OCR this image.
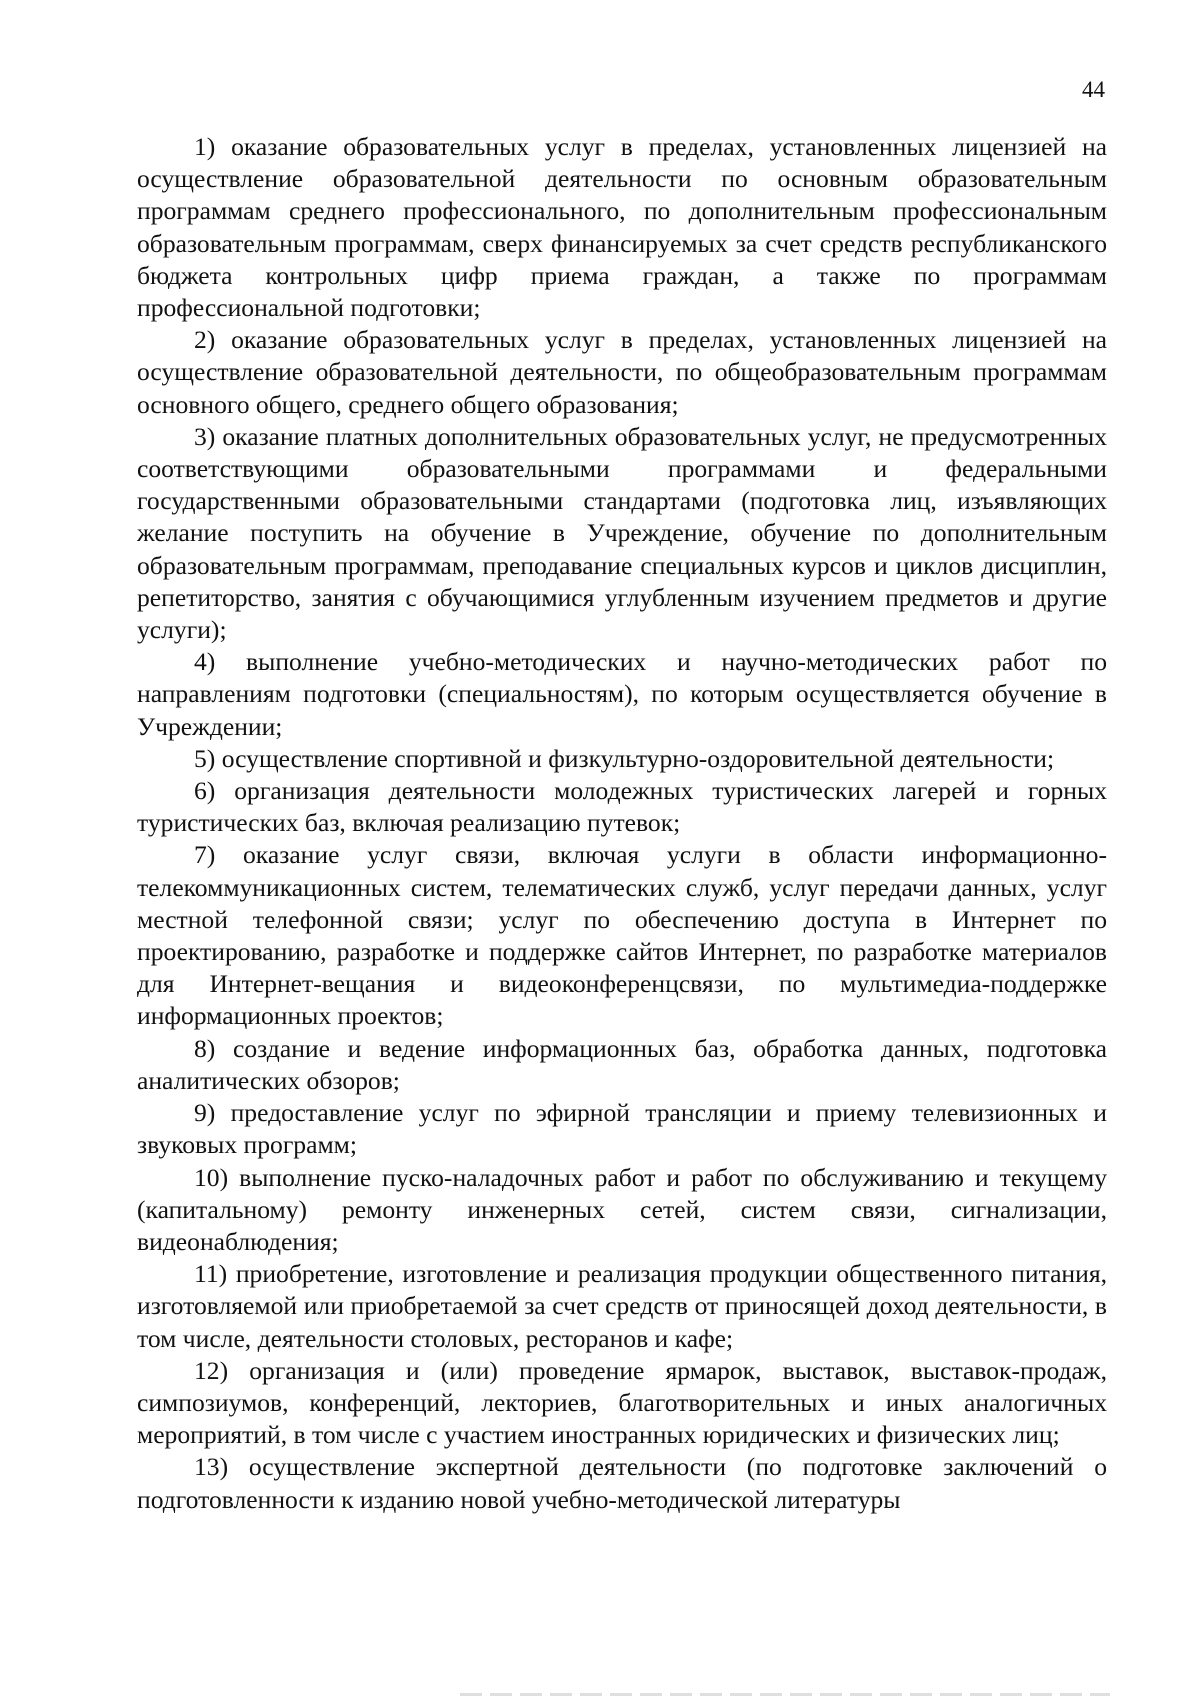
44

1) оказание образовательных услуг в пределах, установленных лицензией на осуществление образовательной деятельности по основным образовательным программам среднего профессионального, по дополнительным профессиональным образовательным программам, сверх финансируемых за счет средств республиканского бюджета контрольных цифр приема граждан, а также по программам профессиональной подготовки;

2) оказание образовательных услуг в пределах, установленных лицензией на осуществление образовательной деятельности, по общеобразовательным программам основного общего, среднего общего образования;

3) оказание платных дополнительных образовательных услуг, не предусмотренных соответствующими образовательными программами и федеральными государственными образовательными стандартами (подготовка лиц, изъявляющих желание поступить на обучение в Учреждение, обучение по дополнительным образовательным программам, преподавание специальных курсов и циклов дисциплин, репетиторство, занятия с обучающимися углубленным изучением предметов и другие услуги);

4) выполнение учебно-методических и научно-методических работ по направлениям подготовки (специальностям), по которым осуществляется обучение в Учреждении;

5) осуществление спортивной и физкультурно-оздоровительной деятельности;

6) организация деятельности молодежных туристических лагерей и горных туристических баз, включая реализацию путевок;

7) оказание услуг связи, включая услуги в области информационно-телекоммуникационных систем, телематических служб, услуг передачи данных, услуг местной телефонной связи; услуг по обеспечению доступа в Интернет по проектированию, разработке и поддержке сайтов Интернет, по разработке материалов для Интернет-вещания и видеоконференцсвязи, по мультимедиа-поддержке информационных проектов;

8) создание и ведение информационных баз, обработка данных, подготовка аналитических обзоров;

9) предоставление услуг по эфирной трансляции и приему телевизионных и звуковых программ;

10) выполнение пуско-наладочных работ и работ по обслуживанию и текущему (капитальному) ремонту инженерных сетей, систем связи, сигнализации, видеонаблюдения;

11) приобретение, изготовление и реализация продукции общественного питания, изготовляемой или приобретаемой за счет средств от приносящей доход деятельности, в том числе, деятельности столовых, ресторанов и кафе;

12) организация и (или) проведение ярмарок, выставок, выставок-продаж, симпозиумов, конференций, лекториев, благотворительных и иных аналогичных мероприятий, в том числе с участием иностранных юридических и физических лиц;

13) осуществление экспертной деятельности (по подготовке заключений о подготовленности к изданию новой учебно-методической литературы
